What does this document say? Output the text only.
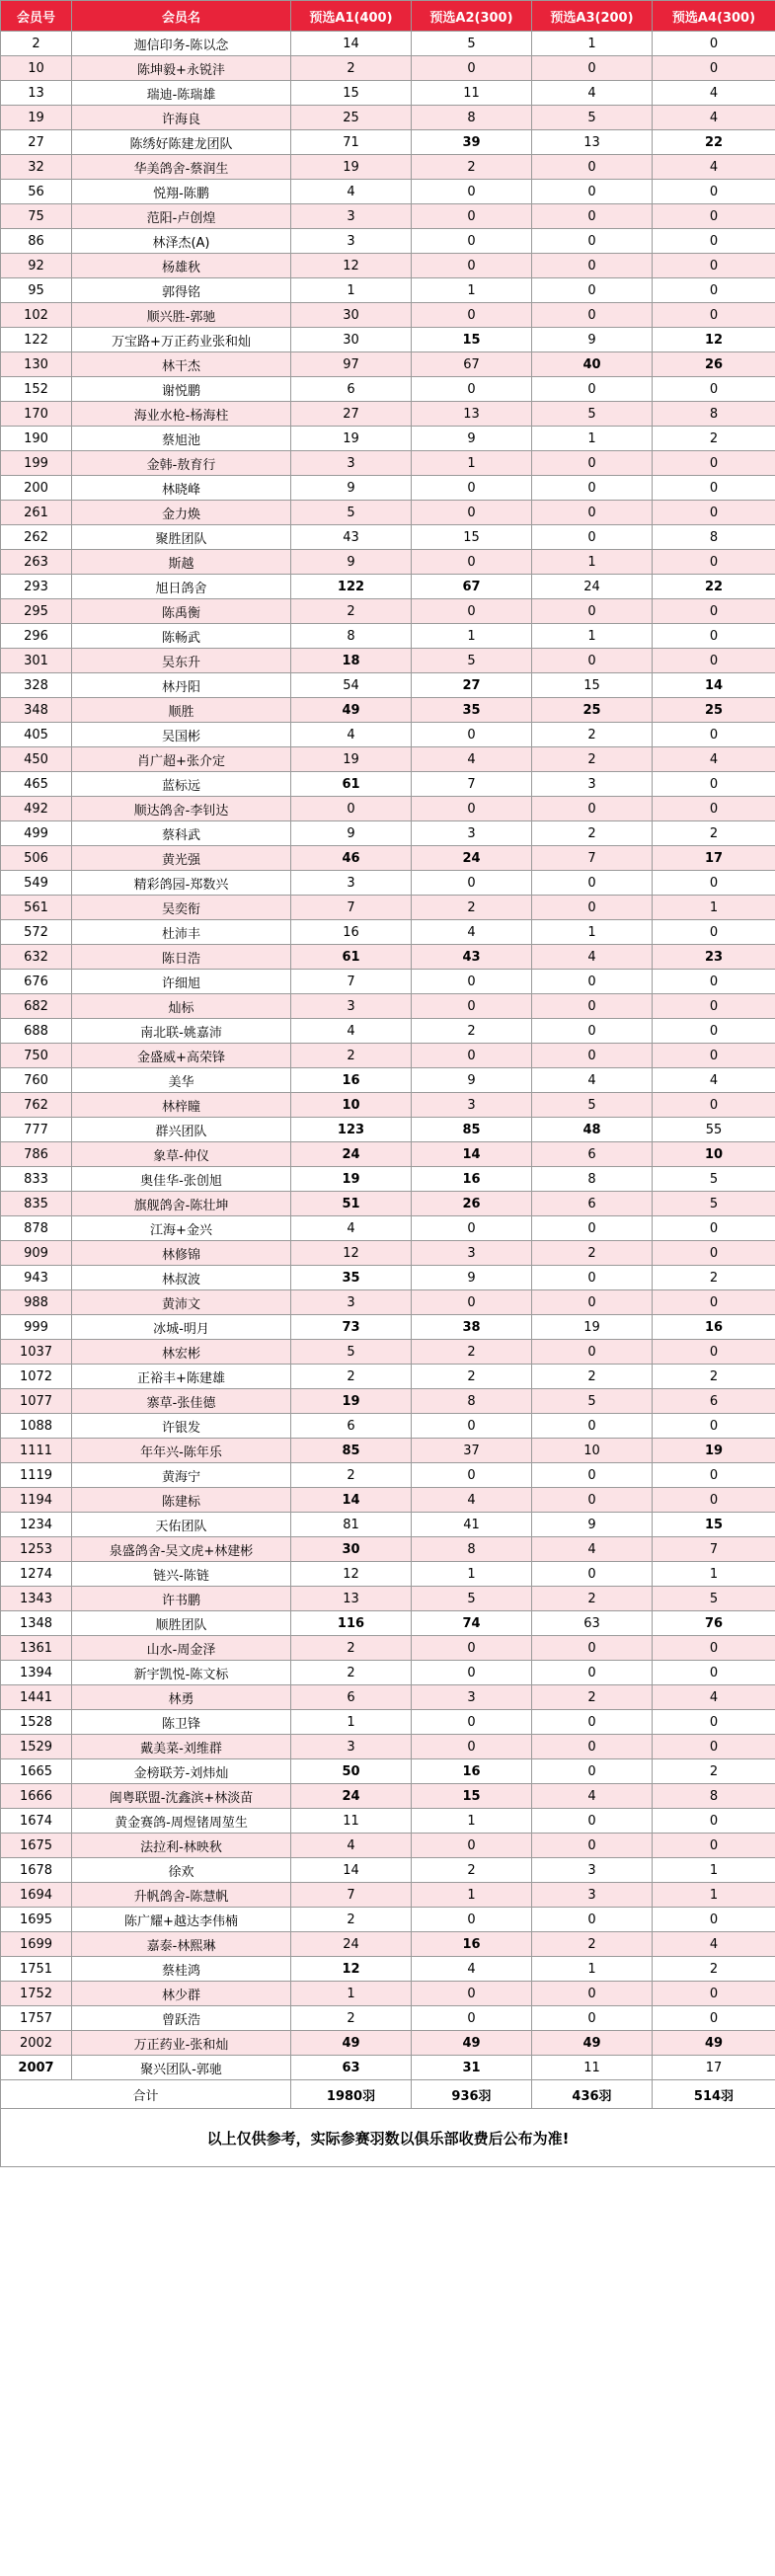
会员号	会员名	预选A1(400)	预选A2(300)	预选A3(200)	预选A4(300)
2	迦信印务-陈以念	14	5	1	0
10	陈坤毅+永锐沣	2	0	0	0
13	瑞迪-陈瑞雄	15	11	4	4
19	许海良	25	8	5	4
27	陈绣好陈建龙团队	71	39	13	22
32	华美鸽舍-蔡润生	19	2	0	4
56	悦翔-陈鹏	4	0	0	0
75	范阳-卢创煌	3	0	0	0
86	林泽杰(A)	3	0	0	0
92	杨雄秋	12	0	0	0
95	郭得铭	1	1	0	0
102	顺兴胜-郭驰	30	0	0	0
122	万宝路+万正药业张和灿	30	15	9	12
130	林干杰	97	67	40	26
152	谢悦鹏	6	0	0	0
170	海业水枪-杨海柱	27	13	5	8
190	蔡旭池	19	9	1	2
199	金韩-敖育行	3	1	0	0
200	林晓峰	9	0	0	0
261	金力焕	5	0	0	0
262	聚胜团队	43	15	0	8
263	斯越	9	0	1	0
293	旭日鸽舍	122	67	24	22
295	陈禹衡	2	0	0	0
296	陈畅武	8	1	1	0
301	吴东升	18	5	0	0
328	林丹阳	54	27	15	14
348	顺胜	49	35	25	25
405	吴国彬	4	0	2	0
450	肖广超+张介定	19	4	2	4
465	蓝标远	61	7	3	0
492	顺达鸽舍-李钊达	0	0	0	0
499	蔡科武	9	3	2	2
506	黄光强	46	24	7	17
549	精彩鸽园-郑数兴	3	0	0	0
561	吴奕衔	7	2	0	1
572	杜沛丰	16	4	1	0
632	陈日浩	61	43	4	23
676	许细旭	7	0	0	0
682	灿标	3	0	0	0
688	南北联-姚嘉沛	4	2	0	0
750	金盛威+高荣锋	2	0	0	0
760	美华	16	9	4	4
762	林梓瞳	10	3	5	0
777	群兴团队	123	85	48	55
786	象草-仲仪	24	14	6	10
833	奥佳华-张创旭	19	16	8	5
835	旗舰鸽舍-陈壮坤	51	26	6	5
878	江海+金兴	4	0	0	0
909	林修锦	12	3	2	0
943	林叔波	35	9	0	2
988	黄沛文	3	0	0	0
999	冰城-明月	73	38	19	16
1037	林宏彬	5	2	0	0
1072	正裕丰+陈建雄	2	2	2	2
1077	寨草-张佳德	19	8	5	6
1088	许银发	6	0	0	0
1111	年年兴-陈年乐	85	37	10	19
1119	黄海宁	2	0	0	0
1194	陈建标	14	4	0	0
1234	天佑团队	81	41	9	15
1253	泉盛鸽舍-吴文虎+林建彬	30	8	4	7
1274	链兴-陈链	12	1	0	1
1343	许书鹏	13	5	2	5
1348	顺胜团队	116	74	63	76
1361	山水-周金泽	2	0	0	0
1394	新宇凯悦-陈文标	2	0	0	0
1441	林勇	6	3	2	4
1528	陈卫锋	1	0	0	0
1529	戴美菜-刘维群	3	0	0	0
1665	金榜联芳-刘炜灿	50	16	0	2
1666	闽粤联盟-沈鑫滨+林淡苗	24	15	4	8
1674	黄金赛鸽-周煜锗周堃生	11	1	0	0
1675	法拉利-林映秋	4	0	0	0
1678	徐欢	14	2	3	1
1694	升帆鸽舍-陈慧帆	7	1	3	1
1695	陈广耀+越达李伟楠	2	0	0	0
1699	嘉泰-林熙琳	24	16	2	4
1751	蔡桂鸿	12	4	1	2
1752	林少群	1	0	0	0
1757	曾跃浩	2	0	0	0
2002	万正药业-张和灿	49	49	49	49
2007	聚兴团队-郭驰	63	31	11	17
合计		1980羽	936羽	436羽	514羽
以上仅供参考，实际参赛羽数以俱乐部收费后公布为准!					
